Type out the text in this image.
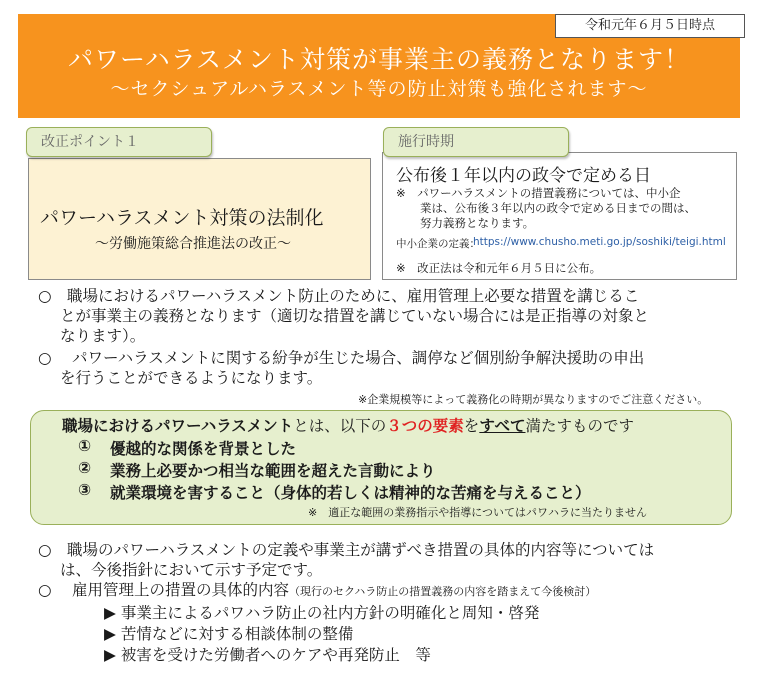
令和元年６月５日時点
パワーハラスメント対策が事業主の義務となります！
～セクシュアルハラスメント等の防止対策も強化されます～
改正ポイント１
パワーハラスメント対策の法制化
～労働施策総合推進法の改正～
施行時期
公布後１年以内の政令で定める日
※　パワーハラスメントの措置義務については、中小企
業は、公布後３年以内の政令で定める日までの間は、
努力義務となります。
中小企業の定義：
https://www.chusho.meti.go.jp/soshiki/teigi.html
※　改正法は令和元年６月５日に公布。
○　職場におけるパワーハラスメント防止のために、雇用管理上必要な措置を講じるこ
とが事業主の義務となります（適切な措置を講じていない場合には是正指導の対象と
なります）。
○　 パワーハラスメントに関する紛争が生じた場合、調停など個別紛争解決援助の申出
を行うことができるようになります。
※企業規模等によって義務化の時期が異なりますのでご注意ください。
職場におけるパワーハラスメントとは、以下の３つの要素をすべて満たすものです
① 優越的な関係を背景とした
② 業務上必要かつ相当な範囲を超えた言動により
③ 就業環境を害すること（身体的若しくは精神的な苦痛を与えること）
※　適正な範囲の業務指示や指導についてはパワハラに当たりません
○　職場のパワーハラスメントの定義や事業主が講ずべき措置の具体的内容等については
は、今後指針において示す予定です。
○　 雇用管理上の措置の具体的内容（現行のセクハラ防止の措置義務の内容を踏まえて今後検討）
▶ 事業主によるパワハラ防止の社内方針の明確化と周知・啓発
▶ 苦情などに対する相談体制の整備
▶ 被害を受けた労働者へのケアや再発防止　等
